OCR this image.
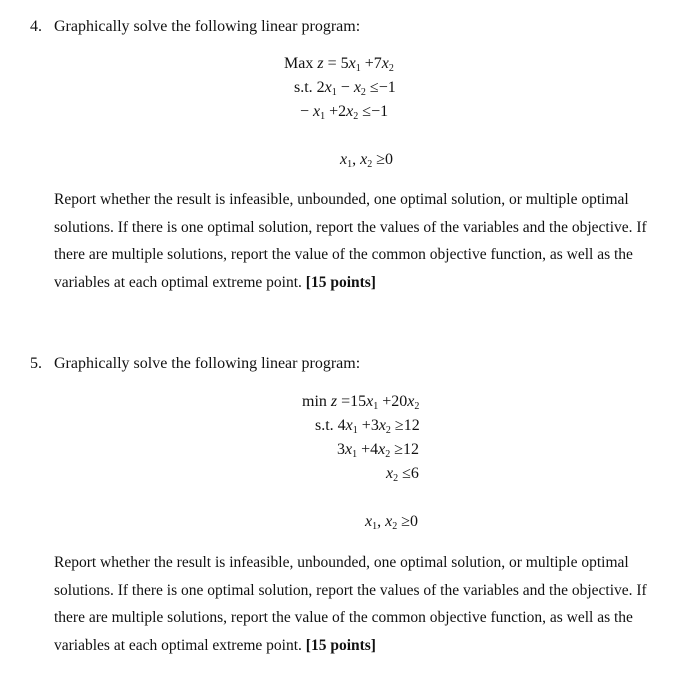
4. Graphically solve the following linear program:
Max $z = 5x_1 +7x_2$
s.t. $2x_1 - x_2 \le-1$
− $x_1 +2x_2 \le-1$
$x_1$, $x_2 \ge 0$
Report whether the result is infeasible, unbounded, one optimal solution, or multiple optimal solutions. If there is one optimal solution, report the values of the variables and the objective. If there are multiple solutions, report the value of the common objective function, as well as the variables at each optimal extreme point. [15 points]
5. Graphically solve the following linear program:
$\min z =15x_1 +20x_2$
s.t. $4x_1 +3x_2 \ge 12$
$3x_1 +4x_2 \ge 12$
$x_2 \le 6$
$x_1$, $x_2 \ge 0$
Report whether the result is infeasible, unbounded, one optimal solution, or multiple optimal solutions. If there is one optimal solution, report the values of the variables and the objective. If there are multiple solutions, report the value of the common objective function, as well as the variables at each optimal extreme point. [15 points]
